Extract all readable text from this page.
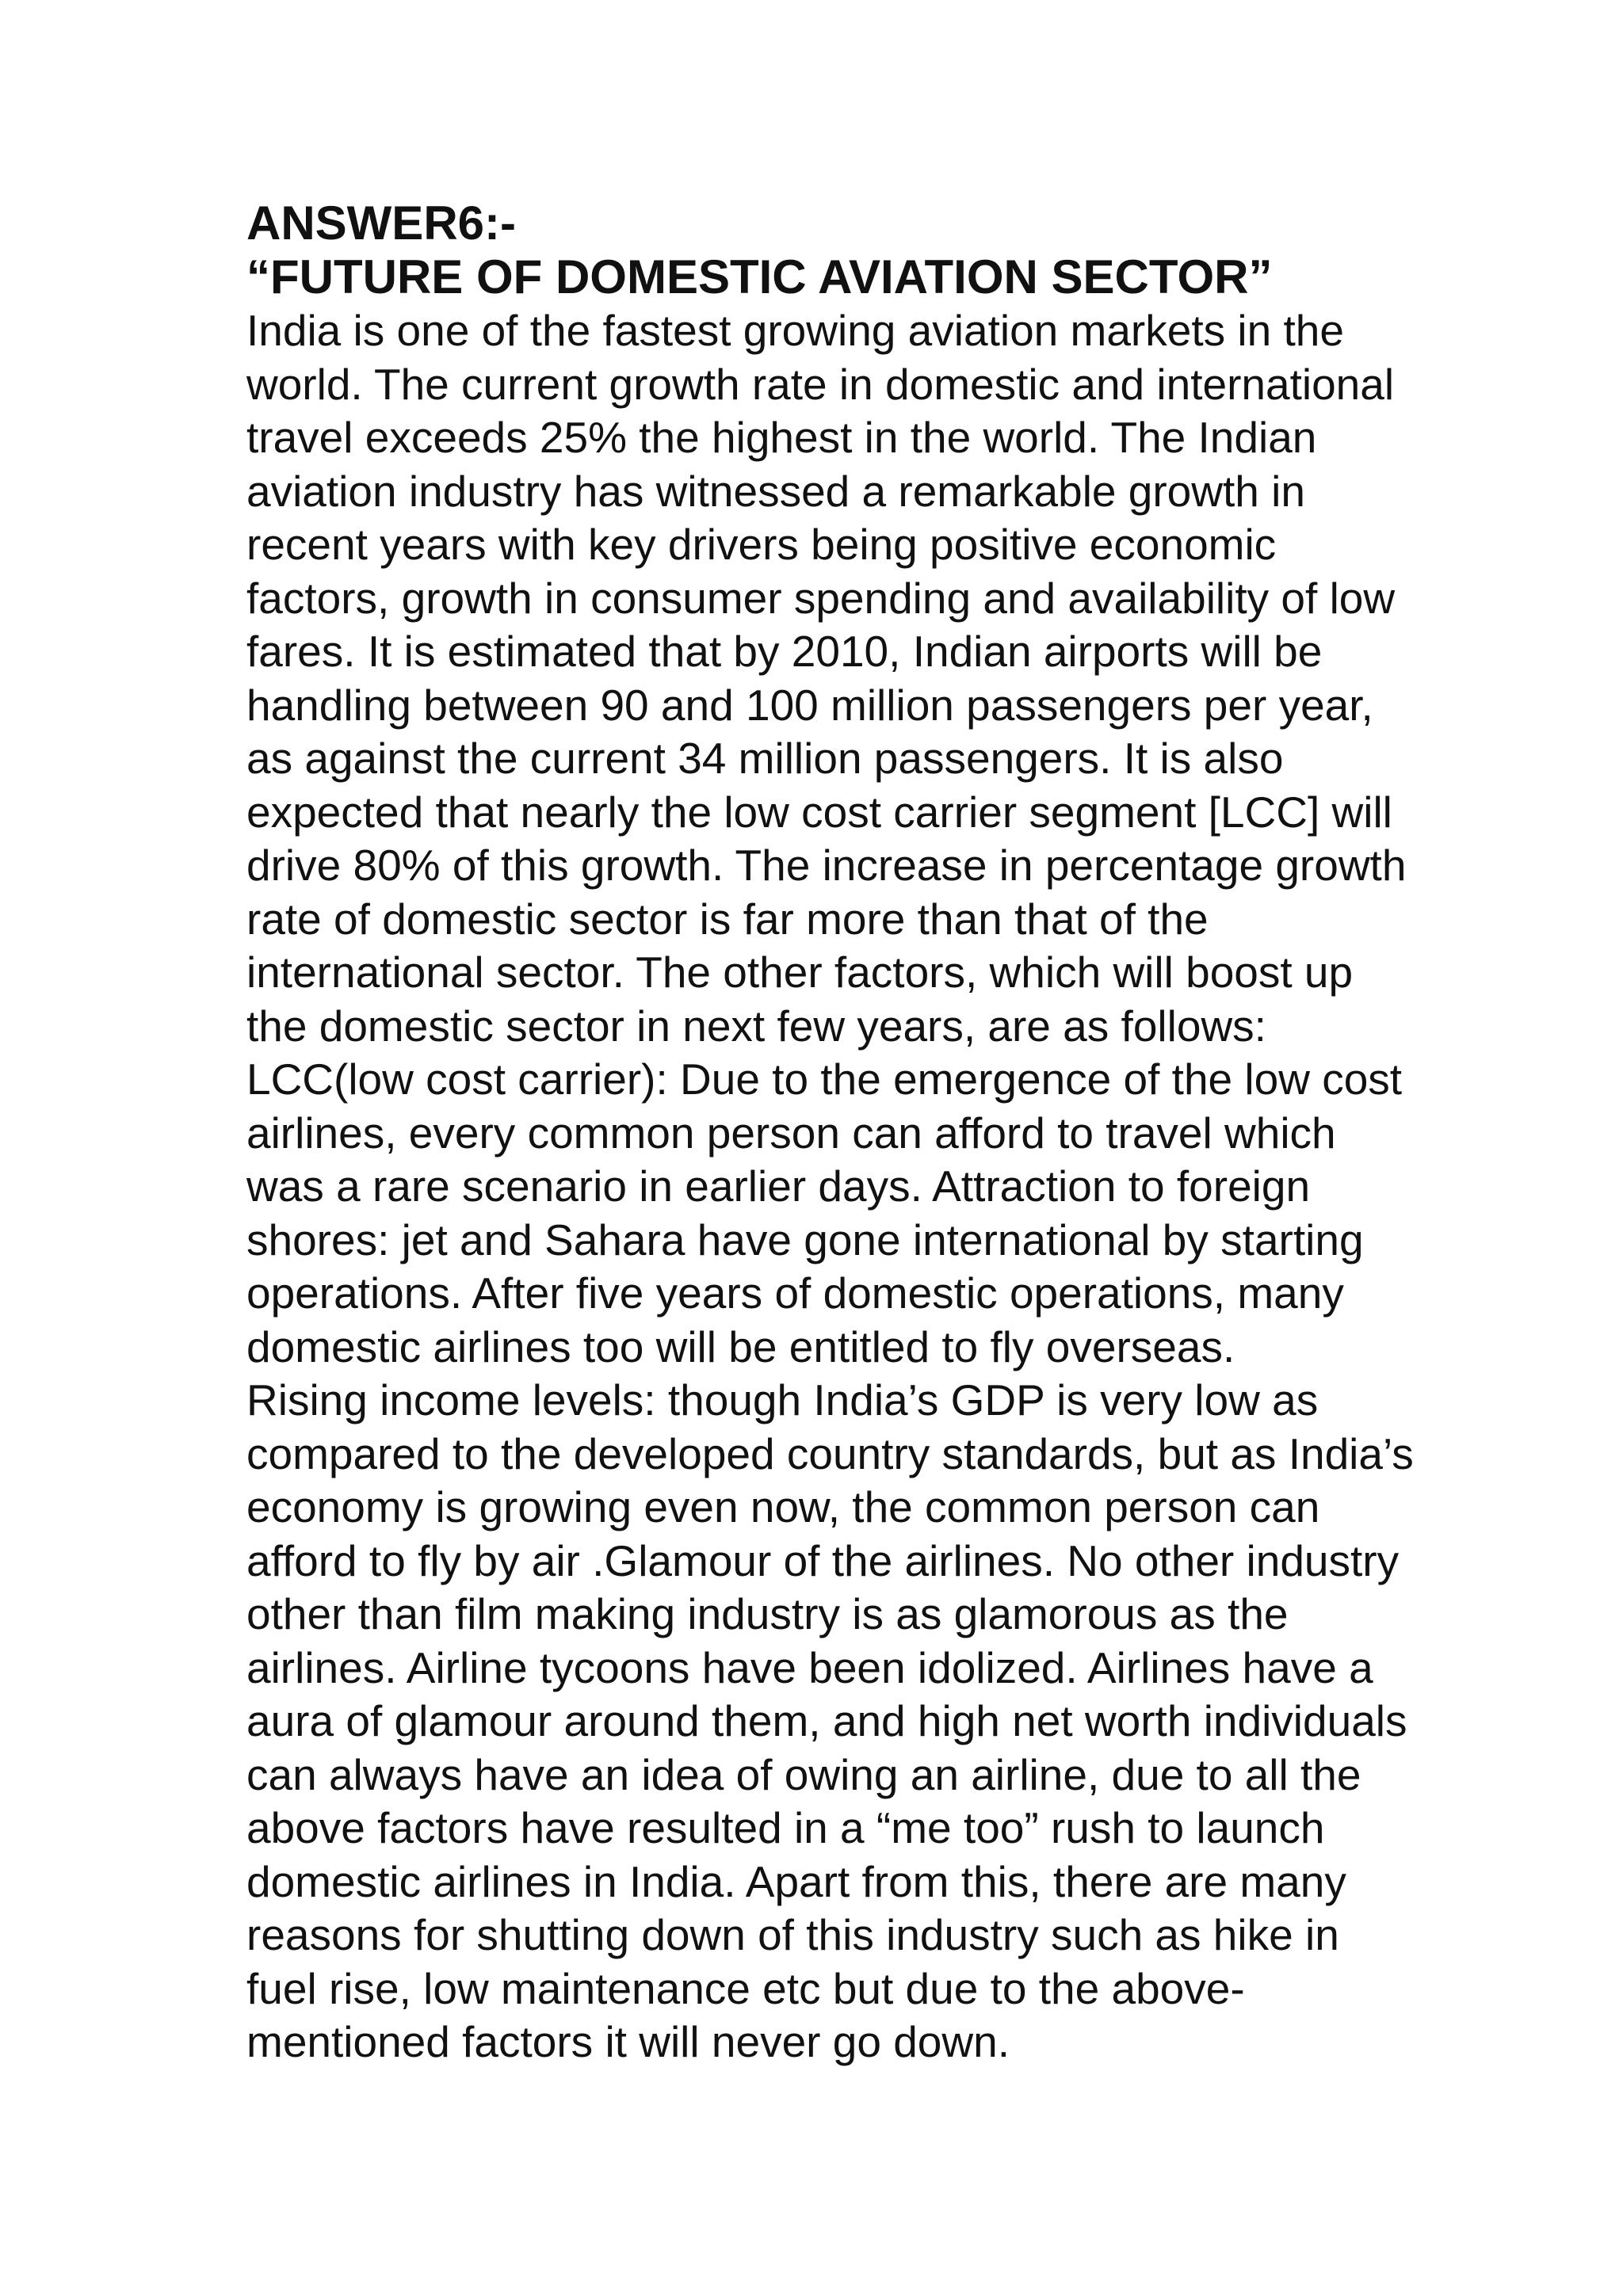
ANSWER6:-
“FUTURE OF DOMESTIC AVIATION SECTOR”
India is one of the fastest growing aviation markets in the
world. The current growth rate in domestic and international
travel exceeds 25% the highest in the world. The Indian
aviation industry has witnessed a remarkable growth in
recent years with key drivers being positive economic
factors, growth in consumer spending and availability of low
fares. It is estimated that by 2010, Indian airports will be
handling between 90 and 100 million passengers per year,
as against the current 34 million passengers. It is also
expected that nearly the low cost carrier segment [LCC] will
drive 80% of this growth. The increase in percentage growth
rate of domestic sector is far more than that of the
international sector. The other factors, which will boost up
the domestic sector in next few years, are as follows:
LCC(low cost carrier): Due to the emergence of the low cost
airlines, every common person can afford to travel which
was a rare scenario in earlier days. Attraction to foreign
shores: jet and Sahara have gone international by starting
operations. After five years of domestic operations, many
domestic airlines too will be entitled to fly overseas.
Rising income levels: though India’s GDP is very low as
compared to the developed country standards, but as India’s
economy is growing even now, the common person can
afford to fly by air .Glamour of the airlines. No other industry
other than film making industry is as glamorous as the
airlines. Airline tycoons have been idolized. Airlines have a
aura of glamour around them, and high net worth individuals
can always have an idea of owing an airline, due to all the
above factors have resulted in a “me too” rush to launch
domestic airlines in India. Apart from this, there are many
reasons for shutting down of this industry such as hike in
fuel rise, low maintenance etc but due to the above-
mentioned factors it will never go down.
